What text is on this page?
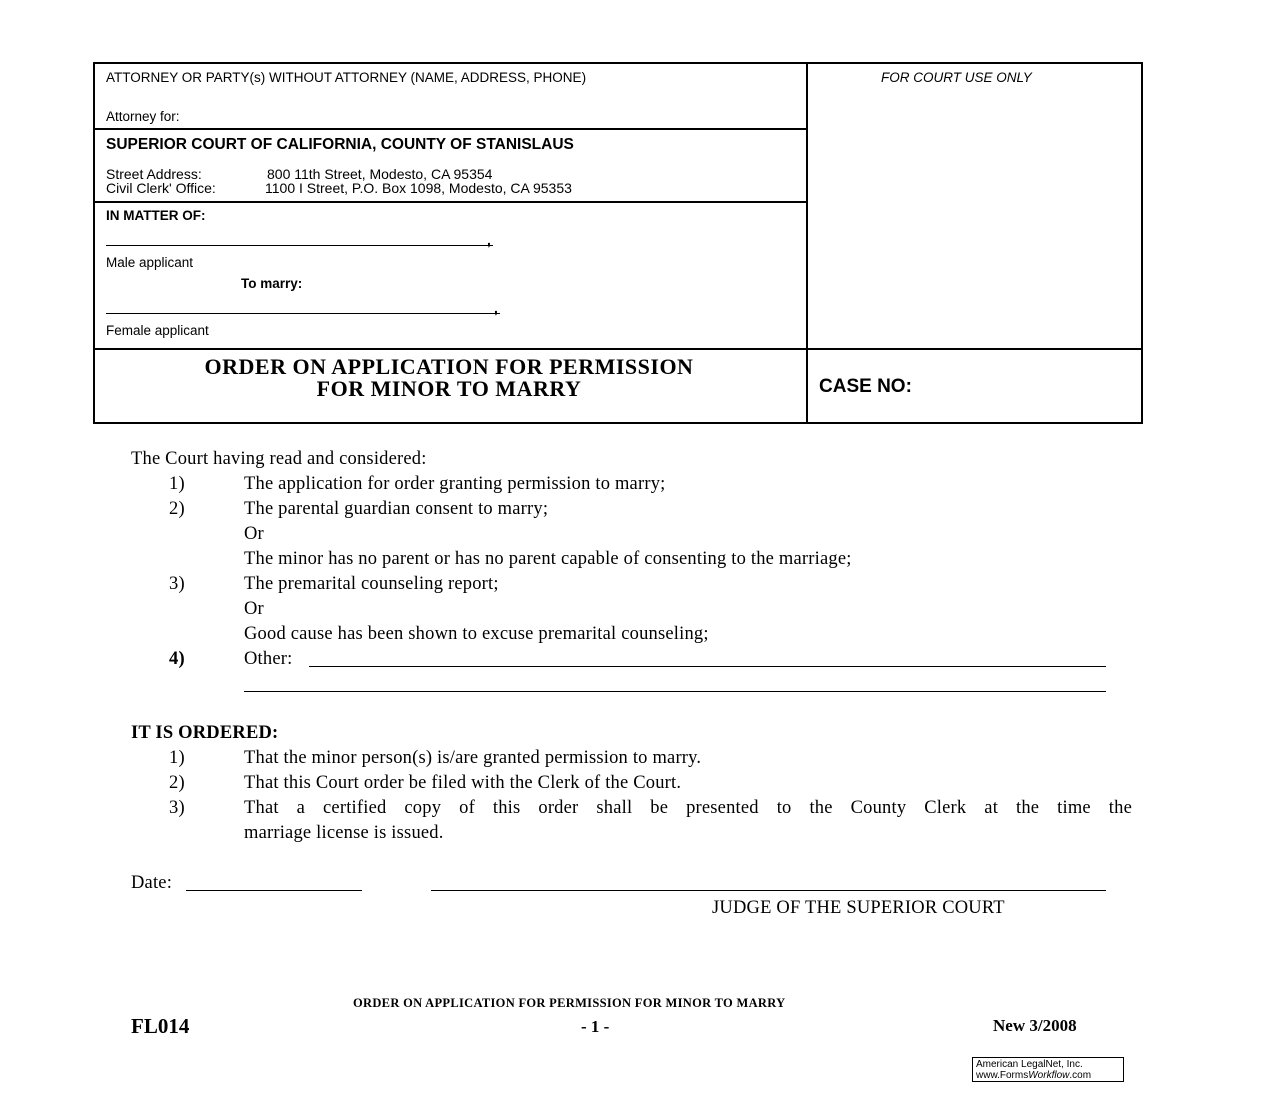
ATTORNEY OR PARTY(s) WITHOUT ATTORNEY (NAME, ADDRESS, PHONE)
Attorney for:
FOR COURT USE ONLY
SUPERIOR COURT OF CALIFORNIA, COUNTY OF STANISLAUS
Street Address:	800 11th Street, Modesto, CA 95354
Civil Clerk' Office:	1100 I Street, P.O. Box 1098, Modesto, CA 95353
IN MATTER OF:
,
Male applicant
To marry:
,
Female applicant
ORDER ON APPLICATION FOR PERMISSION
FOR MINOR TO MARRY	CASE NO:
The Court having read and considered:
1)	The application for order granting permission to marry;
2)	The parental guardian consent to marry;
Or
The minor has no parent or has no parent capable of consenting to the marriage;
3)	The premarital counseling report;
Or
Good cause has been shown to excuse premarital counseling;
4)	Other:
IT IS ORDERED:
1)	That the minor person(s) is/are granted permission to marry.
2)	That this Court order be filed with the Clerk of the Court.
3)	That a certified copy of this order shall be presented to the County Clerk at the time the
marriage license is issued.
Date:
JUDGE OF THE SUPERIOR COURT
ORDER ON APPLICATION FOR PERMISSION FOR MINOR TO MARRY
FL014	- 1 -	New 3/2008
American LegalNet, Inc.
www.FormsWorkflow.com
